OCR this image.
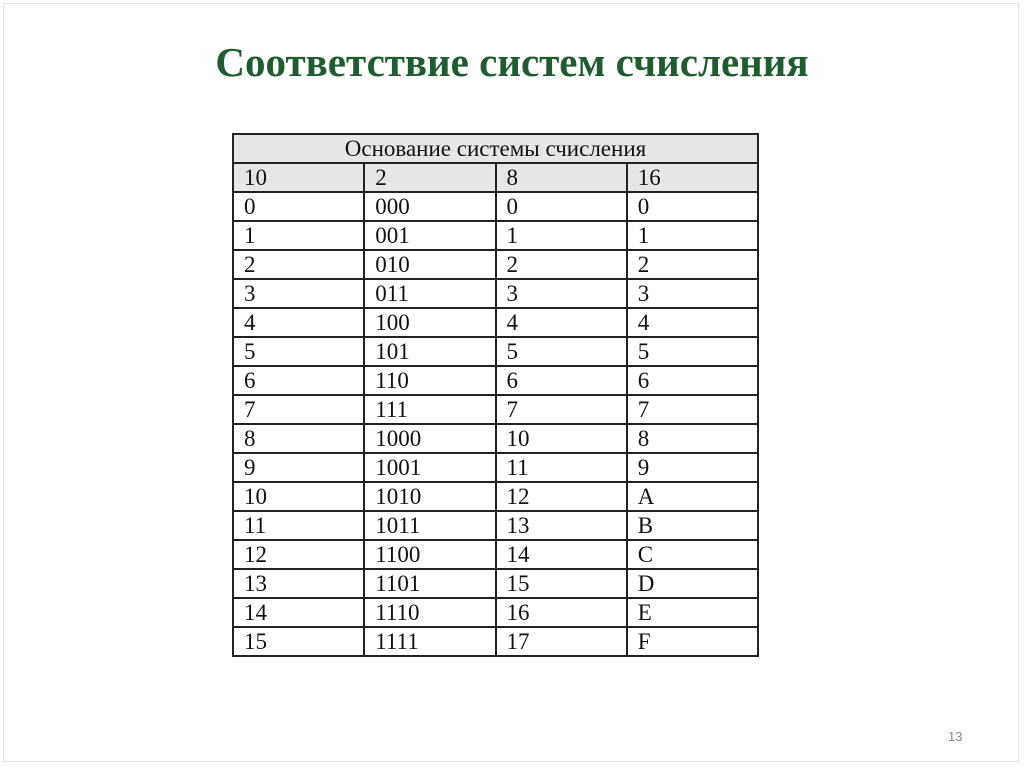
Соответствие систем счисления
Основание системы счисления			
10	2	8	16
0	000	0	0
1	001	1	1
2	010	2	2
3	011	3	3
4	100	4	4
5	101	5	5
6	110	6	6
7	111	7	7
8	1000	10	8
9	1001	11	9
10	1010	12	A
11	1011	13	B
12	1100	14	C
13	1101	15	D
14	1110	16	E
15	1111	17	F
13
